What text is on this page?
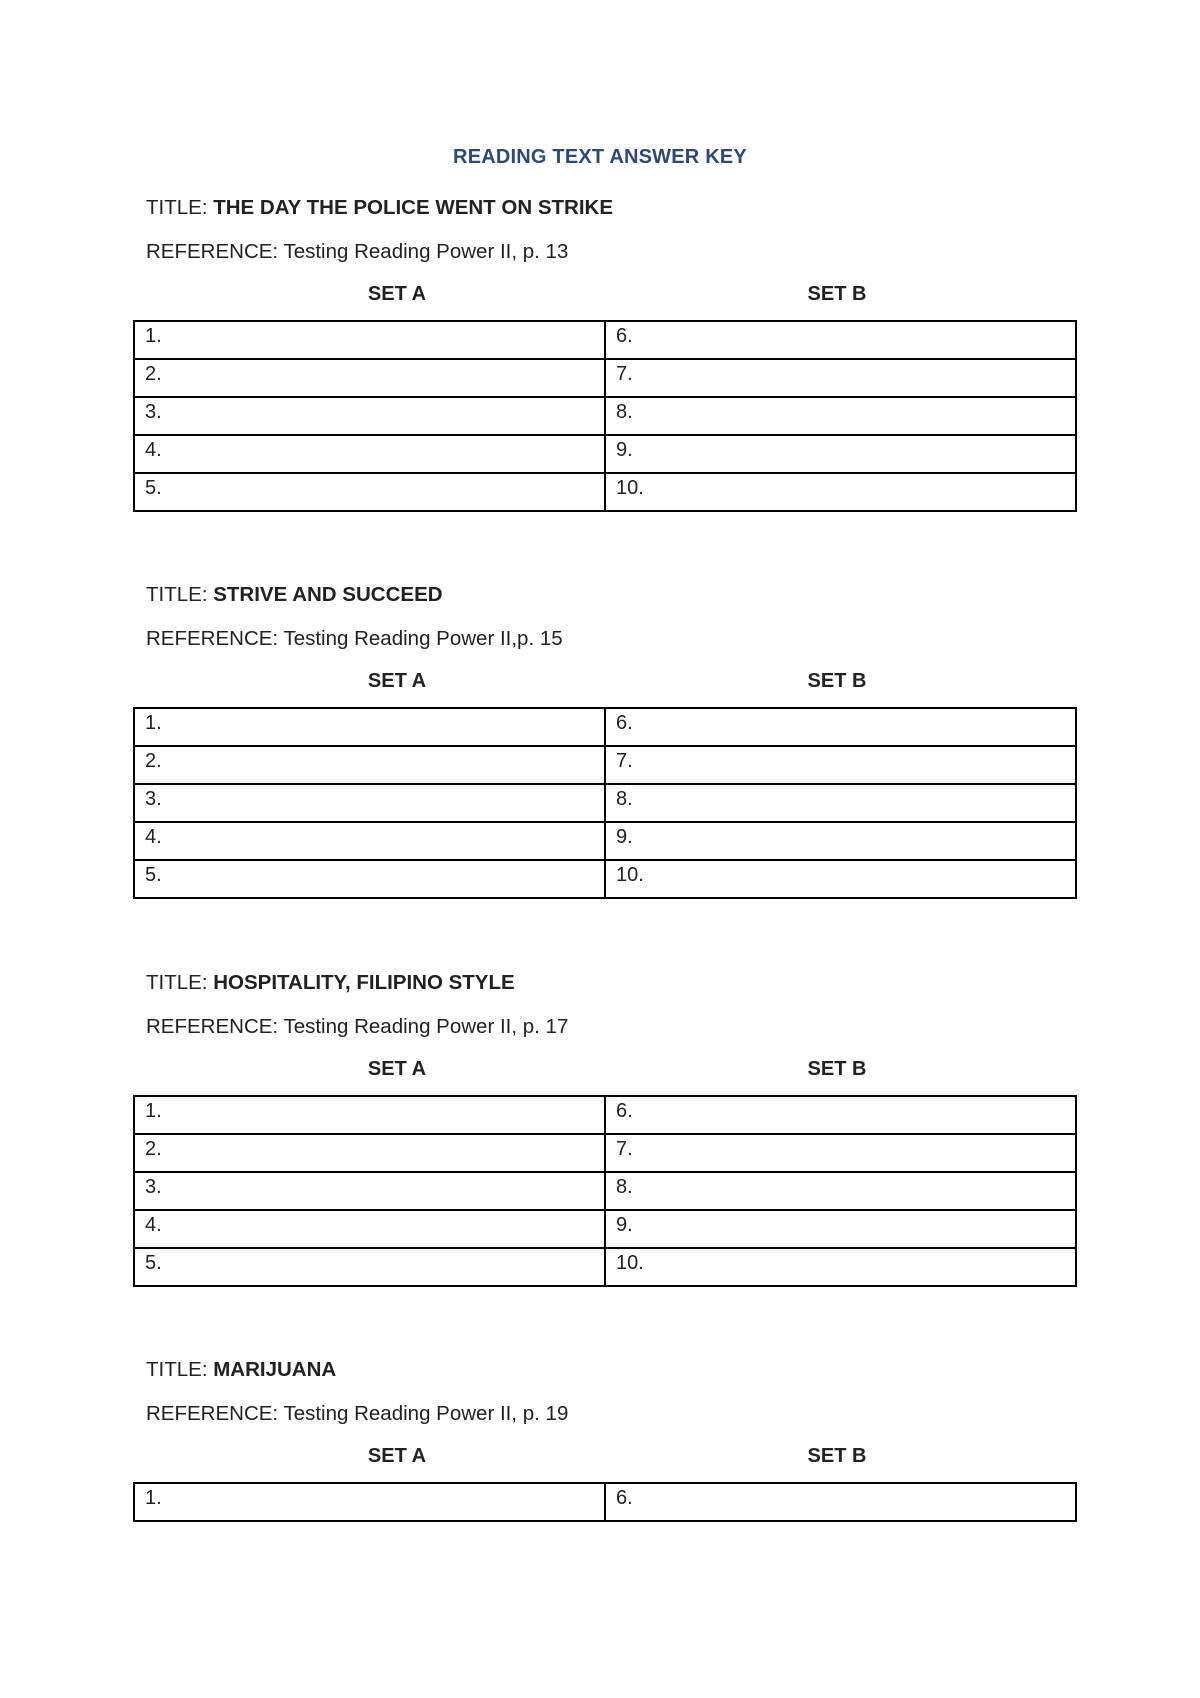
READING TEXT ANSWER KEY
TITLE: THE DAY THE POLICE WENT ON STRIKE
REFERENCE: Testing Reading Power II, p. 13
SET A	SET B
1.	6.
2.	7.
3.	8.
4.	9.
5.	10.
TITLE: STRIVE AND SUCCEED
REFERENCE: Testing Reading Power II,p. 15
SET A	SET B
1.	6.
2.	7.
3.	8.
4.	9.
5.	10.
TITLE: HOSPITALITY, FILIPINO STYLE
REFERENCE: Testing Reading Power II, p. 17
SET A	SET B
1.	6.
2.	7.
3.	8.
4.	9.
5.	10.
TITLE: MARIJUANA
REFERENCE: Testing Reading Power II, p. 19
SET A	SET B
1.	6.
